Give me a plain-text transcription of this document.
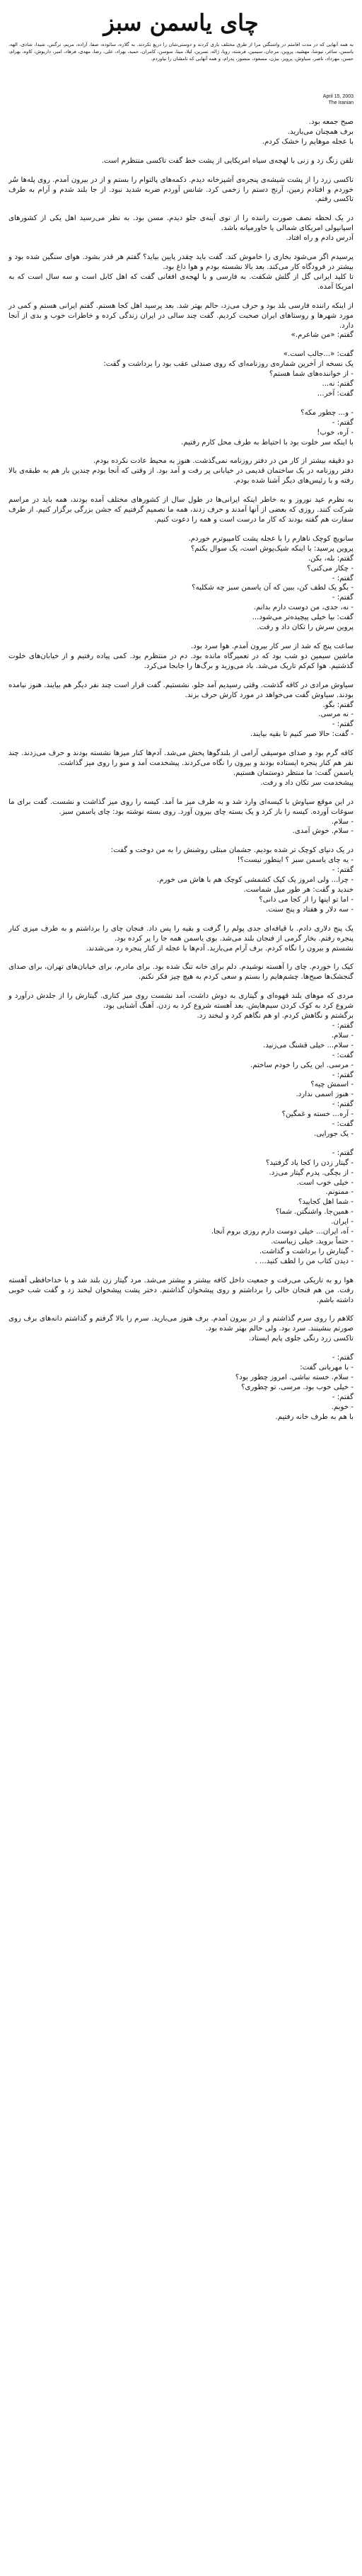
چای یاسمن سبز

به همه آنهایی که در مدت اقامتم در واشنگتن مرا از طرق مختلف یاری کردند و دوستی‌شان را دریغ نکردند. به گلاره، سائوده، صفا، آزاده، مریم، نرگس، شیدا، شادی، الهه، یاسمن، ساغر، نیوشا، مهشید، پروین، مرجان، سیمین، فرشته، رویا، ژاله، نسرین، لیلا، مینا، سوسن، کامران، حمید، بهزاد، علی، رضا، مهدی، فرهاد، امیر، داریوش، کاوه، بهرام، حسن، مهرداد، ناصر، سیاوش، پرویز، بیژن، مسعود، منصور، پدرام، و همه آنهایی که نامشان را نیاوردم.

April 15, 2003
The Iranian

صبح جمعه بود.
برف همچنان می‌بارید.
با عجله موهایم را خشک کردم.

تلفن زنگ زد و زنی با لهجه‌ی سیاه امریکایی از پشت خط گفت تاکسی منتظرم است.

تاکسی زرد را از پشت شیشه‌ی پنجره‌ی آشپزخانه دیدم. دکمه‌های پالتوام را بستم و از در بیرون آمدم. روی پله‌ها سُر خوردم و افتادم زمین. آرنج دستم را زخمی کرد. شانس آوردم ضربه شدید نبود. از جا بلند شدم و آرام به طرف تاکسی رفتم.

در یک لحظه نصف صورت راننده را از توی آینه‌ی جلو دیدم. مسن بود. به نظر می‌رسید اهل یکی از کشورهای اسپانیولی امریکای شمالی یا خاورمیانه باشد.
آدرس دادم و راه افتاد.

پرسیدم اگر می‌شود بخاری را خاموش کند. گفت باید چقدر پایین بیاید؟ گفتم هر قدر بشود. هوای سنگین شده بود و بیشتر در فرودگاه کار می‌کند. بعد بالا نشسته بودم و هوا داغ بود.
تا کلید ایرانی گل از گلش شکفت. به فارسی و با لهجه‌ی افغانی گفت که اهل کابل است و سه سال است که به امریکا آمده.

از اینکه راننده فارسی بلد بود و حرف می‌زد، حالم بهتر شد. بعد پرسید اهل کجا هستم. گفتم ایرانی هستم و کمی در مورد شهرها و روستاهای ایران صحبت کردیم. گفت چند سالی در ایران زندگی کرده و خاطرات خوب و بدی از آنجا دارد.
گفتم: «من شاعرم.»

گفت: «...جالب است.»
یک نسخه از آخرین شماره‌ی روزنامه‌ای که روی صندلی عقب بود را برداشت و گفت:
- از خواننده‌های شما هستم؟
گفتم: نه...
گفت: آخر...

- و... چطور مکه؟
گفتم: -
- آره، خوب!
با اینکه سر خلوت بود با احتیاط به طرف محل کارم رفتیم.

دو دقیقه بیشتر از کار من در دفتر روزنامه نمی‌گذشت. هنوز به محیط عادت نکرده بودم.
دفتر روزنامه در یک ساختمان قدیمی در خیابانی پر رفت و آمد بود. از وقتی که آنجا بودم چندین بار هم به طبقه‌ی بالا رفته و با رئیس‌های دیگر آشنا شده بودم.

به نظرم عید نوروز و به خاطر اینکه ایرانی‌ها در طول سال از کشورهای مختلف آمده بودند، همه باید در مراسم شرکت کنند. روزی که بعضی از آنها آمدند و حرف زدند، همه ما تصمیم گرفتیم که جشن بزرگی برگزار کنیم. از طرف سفارت هم گفته بودند که کار ما درست است و همه را دعوت کنیم.

سانویچ کوچک ناهارم را با عجله پشت کامپیوترم خوردم.
پروین پرسید: با اینکه شیک‌پوش است، یک سوال بکنم؟
گفتم: بله، بکن.
- چکار می‌کنی؟
گفتم: -
- بگو یک لطف کن، ببین که آن یاسمن سبز چه شکلیه؟
گفتم: -
- نه، جدی، من دوست دارم بدانم.
گفت: بیا خیلی پیچیده‌تر می‌شود...
پروین سرش را تکان داد و رفت.

ساعت پنج که شد از سر کار بیرون آمدم. هوا سرد بود.
ماشین سیمین دو شب بود که در تعمیرگاه مانده بود. دم در منتظرم بود. کمی پیاده رفتیم و از خیابان‌های خلوت گذشتیم. هوا کم‌کم تاریک می‌شد. باد می‌وزید و برگ‌ها را جابجا می‌کرد.

سیاوش مرادی در کافه گذشت. وقتی رسیدیم آمد جلو. نشستیم. گفت قرار است چند نفر دیگر هم بیایند. هنوز نیامده بودند. سیاوش گفت می‌خواهد در مورد کارش حرف بزند.
گفتم: بگو.
- نه مرسی.
گفتم: -
- گفت: حالا صبر کنیم تا بقیه بیایند.

کافه گرم بود و صدای موسیقی آرامی از بلندگوها پخش می‌شد. آدم‌ها کنار میزها نشسته بودند و حرف می‌زدند. چند نفر هم کنار پنجره ایستاده بودند و بیرون را نگاه می‌کردند. پیشخدمت آمد و منو را روی میز گذاشت.
یاسمن گفت: ما منتظر دوستمان هستیم.
پیشخدمت سر تکان داد و رفت.

در این موقع سیاوش با کیسه‌ای وارد شد و به طرف میز ما آمد. کیسه را روی میز گذاشت و نشست. گفت برای ما سوغات آورده. کیسه را باز کرد و یک بسته چای بیرون آورد. روی بسته نوشته بود: چای یاسمن سبز.
- سلام.
- سلام. خوش آمدی.

در یک دنیای کوچک تر شده بودیم. جشمان مبتلی روشنش را به من دوخت و گفت:
- یه چای یاسمن سبز ؟ اینطور نیست؟!
گفتم: -
- چرا... ولی امروز یک کیک کشمشی کوچک هم با هاش می خورم.
خندید و گفت: هر طور میل شماست.
- اما تو اینها را از کجا می دانی؟
- سه دلار و هفتاد و پنج سنت.

یک پنج دلاری دادم. با قیافه‌ای جدی پولم را گرفت و بقیه را پس داد. فنجان چای را برداشتم و به طرف میزی کنار پنجره رفتم. بخار گرمی از فنجان بلند می‌شد. بوی یاسمن همه جا را پر کرده بود.
نشستم و بیرون را نگاه کردم. برف آرام می‌بارید. آدم‌ها با عجله از کنار پنجره رد می‌شدند.

کیک را خوردم. چای را آهسته نوشیدم. دلم برای خانه تنگ شده بود. برای مادرم، برای خیابان‌های تهران، برای صدای گنجشک‌ها صبح‌ها. چشم‌هایم را بستم و سعی کردم به هیچ چیز فکر نکنم.

مردی که موهای بلند قهوه‌ای و گیتاری به دوش داشت، آمد نشست روی میز کناری. گیتارش را از جلدش درآورد و شروع کرد به کوک کردن سیم‌هایش. بعد آهسته شروع کرد به زدن. آهنگ آشنایی بود.
برگشتم و نگاهش کردم. او هم نگاهم کرد و لبخند زد.
گفتم: -
- سلام.
- سلام... خیلی قشنگ می‌زنید.
گفت: -
- مرسی. این یکی را خودم ساختم.
گفتم: -
- اسمش چیه؟
- هنوز اسمی ندارد.
گفتم: -
- آره... خسته و غمگین؟
گفت: -
- یک جورایی.

گفتم: -
- گیتار زدن را کجا یاد گرفتید؟
- از بچگی. پدرم گیتار می‌زد.
- خیلی خوب است.
- ممنونم.
- شما اهل کجایید؟
- همین‌جا. واشنگتن. شما؟
- ایران.
- آه، ایران... خیلی دوست دارم روزی بروم آنجا.
- حتماً بروید. خیلی زیباست.
- گیتارش را برداشت و گذاشت.
- دیدن کتاب من را لطف کنید... .

هوا رو به تاریکی می‌رفت و جمعیت داخل کافه بیشتر و بیشتر می‌شد. مرد گیتار زن بلند شد و با خداحافظی آهسته رفت. من هم فنجان خالی را برداشتم و روی پیشخوان گذاشتم. دختر پشت پیشخوان لبخند زد و گفت شب خوبی داشته باشم.

کلاهم را روی سرم گذاشتم و از در بیرون آمدم. برف هنوز می‌بارید. سرم را بالا گرفتم و گذاشتم دانه‌های برف روی صورتم بنشینند. سرد بود. ولی حالم بهتر شده بود.
تاکسی زرد رنگی جلوی پایم ایستاد.

گفتم: -
- با مهربانی گفت:
- سلام. خسته نباشی. امروز چطور بود؟
- خیلی خوب بود. مرسی. تو چطوری؟
گفتم: -
- خوبم.
با هم به طرف خانه رفتیم.
